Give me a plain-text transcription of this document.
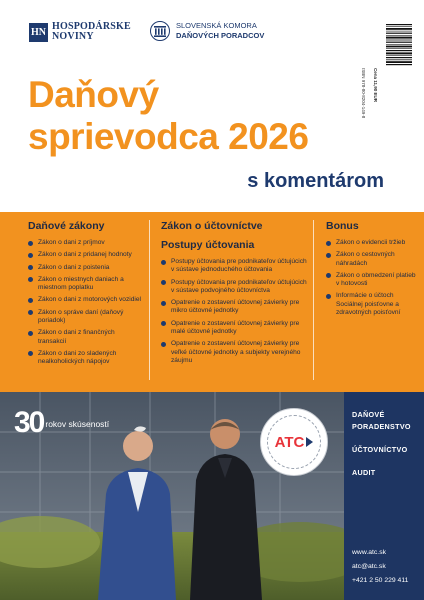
HN HOSPODÁRSKE
NOVINY
SLOVENSKÁ KOMORA
DAŇOVÝCH PORADCOV
ISBN 978-80-8204-149-8 Cena 11,90 EUR
Daňový
sprievodca 2026
s komentárom
Daňové zákony
Zákon o dani z príjmov
Zákon o dani z pridanej hodnoty
Zákon o dani z poistenia
Zákon o miestnych daniach a miestnom poplatku
Zákon o dani z motorových vozidiel
Zákon o správe daní (daňový poriadok)
Zákon o dani z finančných transakcií
Zákon o dani zo sladených nealkoholických nápojov
Zákon o účtovníctve
Postupy účtovania
Postupy účtovania pre podnikateľov účtujúcich v sústave jednoduchého účtovania
Postupy účtovania pre podnikateľov účtujúcich v sústave podvojného účtovníctva
Opatrenie o zostavení účtovnej závierky pre mikro účtovné jednotky
Opatrenie o zostavení účtovnej závierky pre malé účtovné jednotky
Opatrenie o zostavení účtovnej závierky pre veľké účtovné jednotky a subjekty verejného záujmu
Bonus
Zákon o evidencii tržieb
Zákon o cestovných náhradách
Zákon o obmedzení platieb v hotovosti
Informácie o účtoch Sociálnej poisťovne a zdravotných poisťovní
30 rokov skúseností
ATC
DAŇOVÉ
PORADENSTVO
ÚČTOVNÍCTVO
AUDIT
www.atc.sk
atc@atc.sk
+421 2 50 229 411
